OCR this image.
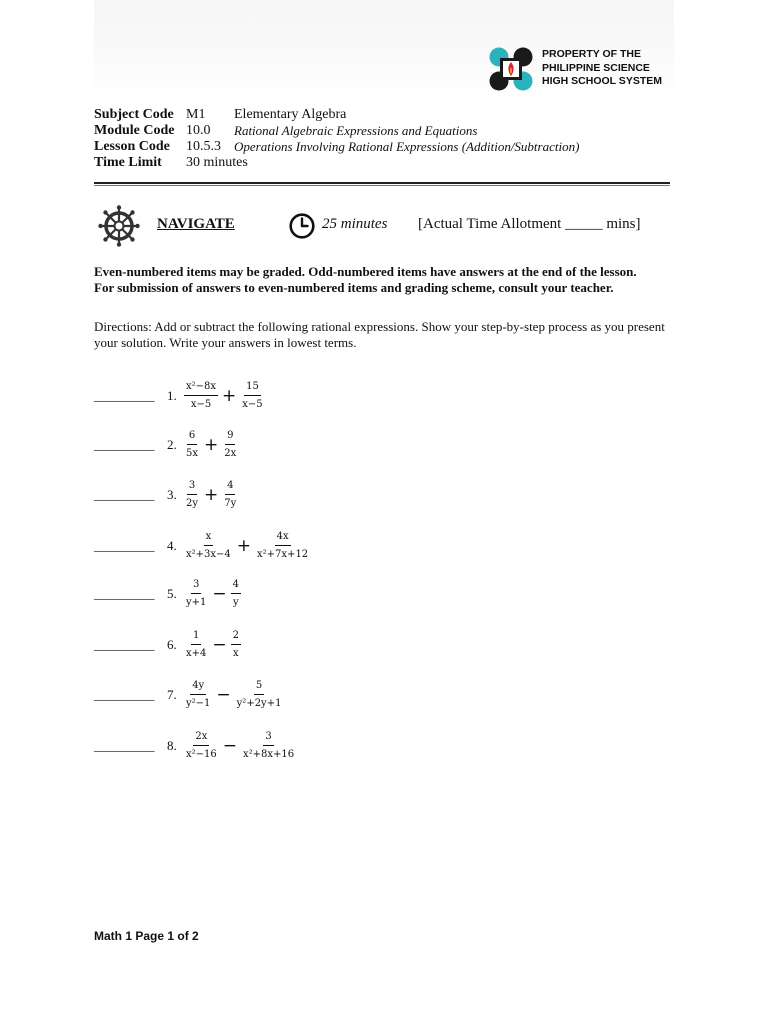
PROPERTY OF THE
PHILIPPINE SCIENCE
HIGH SCHOOL SYSTEM
Subject Code M1 Elementary Algebra
Module Code 10.0 Rational Algebraic Expressions and Equations
Lesson Code 10.5.3 Operations Involving Rational Expressions (Addition/Subtraction)
Time Limit 30 minutes
NAVIGATE	25 minutes [Actual Time Allotment _____ mins]
Even-numbered items may be graded. Odd-numbered items have answers at the end of the lesson.
For submission of answers to even-numbered items and grading scheme, consult your teacher.
Directions: Add or subtract the following rational expressions. Show your step-by-step process as you present your solution. Write your answers in lowest terms.
__________ 1. $\frac{\text{x²−8x}}{x-5} + \frac{15}{x-5}$
__________ 2. $\frac{6}{5x} + \frac{9}{2x}$
__________ 3. $\frac{3}{2y} + \frac{4}{7y}$
__________ 4. $\frac{x}{\text{x²+3x−4}} + \frac{4x}{\text{x²+7x+12}}$
__________ 5. $\frac{3}{y+1} - \frac{4}{y}$
__________ 6. $\frac{1}{x+4} - \frac{2}{x}$
__________ 7. $\frac{4y}{\text{y²−1}} - \frac{5}{\text{y²+2y+1}}$
__________ 8. $\frac{2x}{\text{x²−16}} - \frac{3}{\text{x²+8x+16}}$
Math 1 Page 1 of 2
